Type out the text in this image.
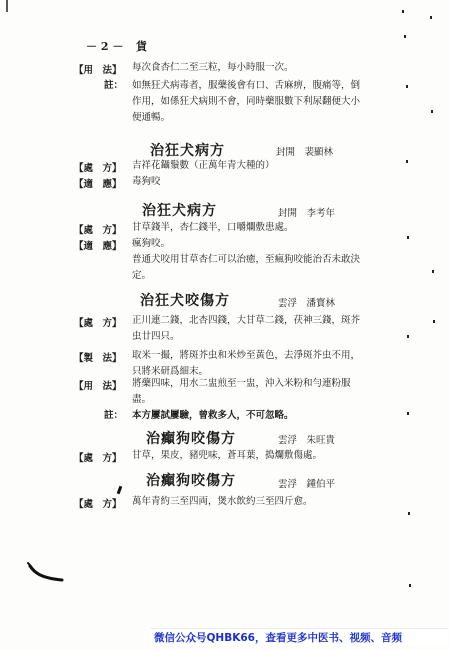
－ 2 － 貨
【用　法】 每次食杏仁二至三粒，每小時服一次。
註： 如無狂犬病毒者，服藥後會有口、舌麻痹，腹痛等，倒
作用，如係狂犬病則不會，同時藥服數下利尿翻便大小
便通暢。
治狂犬病方	封開　裴顯林
【處　方】 吉祥花鑷鬚數（正萬年青大種的）
【適　應】 毒狗咬
治狂犬病方	封開　李考年
【處　方】 甘草錢半，杏仁錢半，口嚼爛敷患處。
【適　應】 瘋狗咬。
普通犬咬用甘草杏仁可以治癒，至瘋狗咬能治否未敢決
定。
治狂犬咬傷方	雲浮　潘寳林
【處　方】 正川連二錢，北杏四錢，大甘草二錢，茯神三錢，斑芥
虫廿四只。
【製　法】 取米一撮，將斑芥虫和米炒至黃色，去淨斑芥虫不用，
只將米研爲細末。
【用　法】 將藥四味，用水二盅煎至一盅，沖入米粉和勻連粉服
盡。
註： 本方屢試屢驗，曾救多人，不可忽略。
治癲狗咬傷方	雲浮　朱旺貴
【處　方】 甘草，果皮，豬兜味，蒼耳葉，搗爛敷傷處。
治癲狗咬傷方	雲浮　鍾伯平
【處　方】 萬年青約三至四両，煲水飲約三至四斤愈。
微信公众号QHBK66，查看更多中医书、视频、音频
